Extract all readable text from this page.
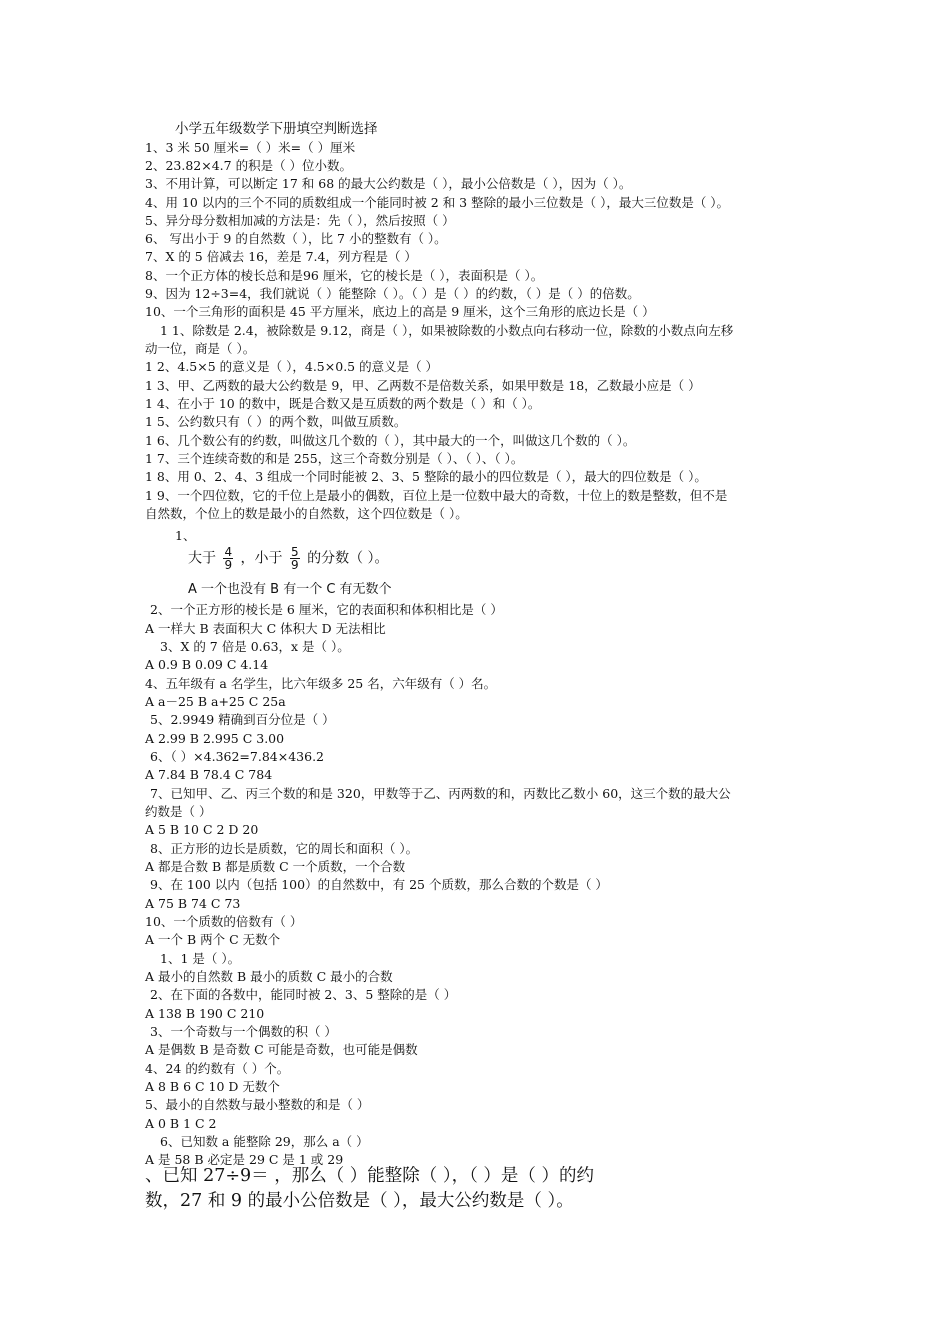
小学五年级数学下册填空判断选择
1、3 米 50 厘米=（ ）米=（ ）厘米
2、23.82×4.7 的积是（ ）位小数。
3、不用计算，可以断定 17 和 68 的最大公约数是（ ），最小公倍数是（ ），因为（ ）。
4、用 10 以内的三个不同的质数组成一个能同时被 2 和 3 整除的最小三位数是（ ），最大三位数是（ ）。
5、异分母分数相加减的方法是：先（ ），然后按照（ ）
6、 写出小于 9 的自然数（ ），比 7 小的整数有（ ）。
7、X 的 5 倍减去 16，差是 7.4，列方程是（ ）
8、一个正方体的棱长总和是96 厘米，它的棱长是（ ），表面积是（ ）。
9、因为 12÷3=4，我们就说（ ）能整除（ ）。（ ）是（ ）的约数，（ ）是（ ）的倍数。
10、一个三角形的面积是 45 平方厘米，底边上的高是 9 厘米，这个三角形的底边长是（ ）
1 1、除数是 2.4，被除数是 9.12，商是（ ），如果被除数的小数点向右移动一位，除数的小数点向左移
动一位，商是（ ）。
1 2、4.5×5 的意义是（ ），4.5×0.5 的意义是（ ）
1 3、甲、乙两数的最大公约数是 9，甲、乙两数不是倍数关系，如果甲数是 18，乙数最小应是（ ）
1 4、在小于 10 的数中，既是合数又是互质数的两个数是（ ）和（ ）。
1 5、公约数只有（ ）的两个数，叫做互质数。
1 6、几个数公有的约数，叫做这几个数的（ ），其中最大的一个，叫做这几个数的（ ）。
1 7、三个连续奇数的和是 255，这三个奇数分别是（ ）、（ ）、（ ）。
1 8、用 0、2、4、3 组成一个同时能被 2、3、5 整除的最小的四位数是（ ），最大的四位数是（ ）。
1 9、一个四位数，它的千位上是最小的偶数，百位上是一位数中最大的奇数，十位上的数是整数，但不是
自然数，个位上的数是最小的自然数，这个四位数是（ ）。
1、
大于 $\frac{4}{9}$ ，小于 $\frac{5}{9}$ 的分数（ ）。
A 一个也没有 B 有一个 C 有无数个
2、一个正方形的棱长是 6 厘米，它的表面积和体积相比是（ ）
A 一样大 B 表面积大 C 体积大 D 无法相比
3、X 的 7 倍是 0.63，x 是（ ）。
A 0.9 B 0.09 C 4.14
4、五年级有 a 名学生，比六年级多 25 名，六年级有（ ）名。
A a－25 B a+25 C 25a
5、2.9949 精确到百分位是（ ）
A 2.99 B 2.995 C 3.00
6、（ ）×4.362=7.84×436.2
A 7.84 B 78.4 C 784
7、已知甲、乙、丙三个数的和是 320，甲数等于乙、丙两数的和，丙数比乙数小 60，这三个数的最大公
约数是（ ）
A 5 B 10 C 2 D 20
8、正方形的边长是质数，它的周长和面积（ ）。
A 都是合数 B 都是质数 C 一个质数，一个合数
9、在 100 以内（包括 100）的自然数中，有 25 个质数，那么合数的个数是（ ）
A 75 B 74 C 73
10、一个质数的倍数有（ ）
A 一个 B 两个 C 无数个
1、1 是（ ）。
A 最小的自然数 B 最小的质数 C 最小的合数
2、在下面的各数中，能同时被 2、3、5 整除的是（ ）
A 138 B 190 C 210
3、一个奇数与一个偶数的积（ ）
A 是偶数 B 是奇数 C 可能是奇数，也可能是偶数
4、24 的约数有（ ）个。
A 8 B 6 C 10 D 无数个
5、最小的自然数与最小整数的和是（ ）
A 0 B 1 C 2
6、已知数 a 能整除 29，那么 a（ ）
A 是 58 B 必定是 29 C 是 1 或 29
、已知 27÷9＝ ，那么（ ）能整除（ ），（ ）是（ ）的约
数，27 和 9 的最小公倍数是（ ），最大公约数是（ ）。
